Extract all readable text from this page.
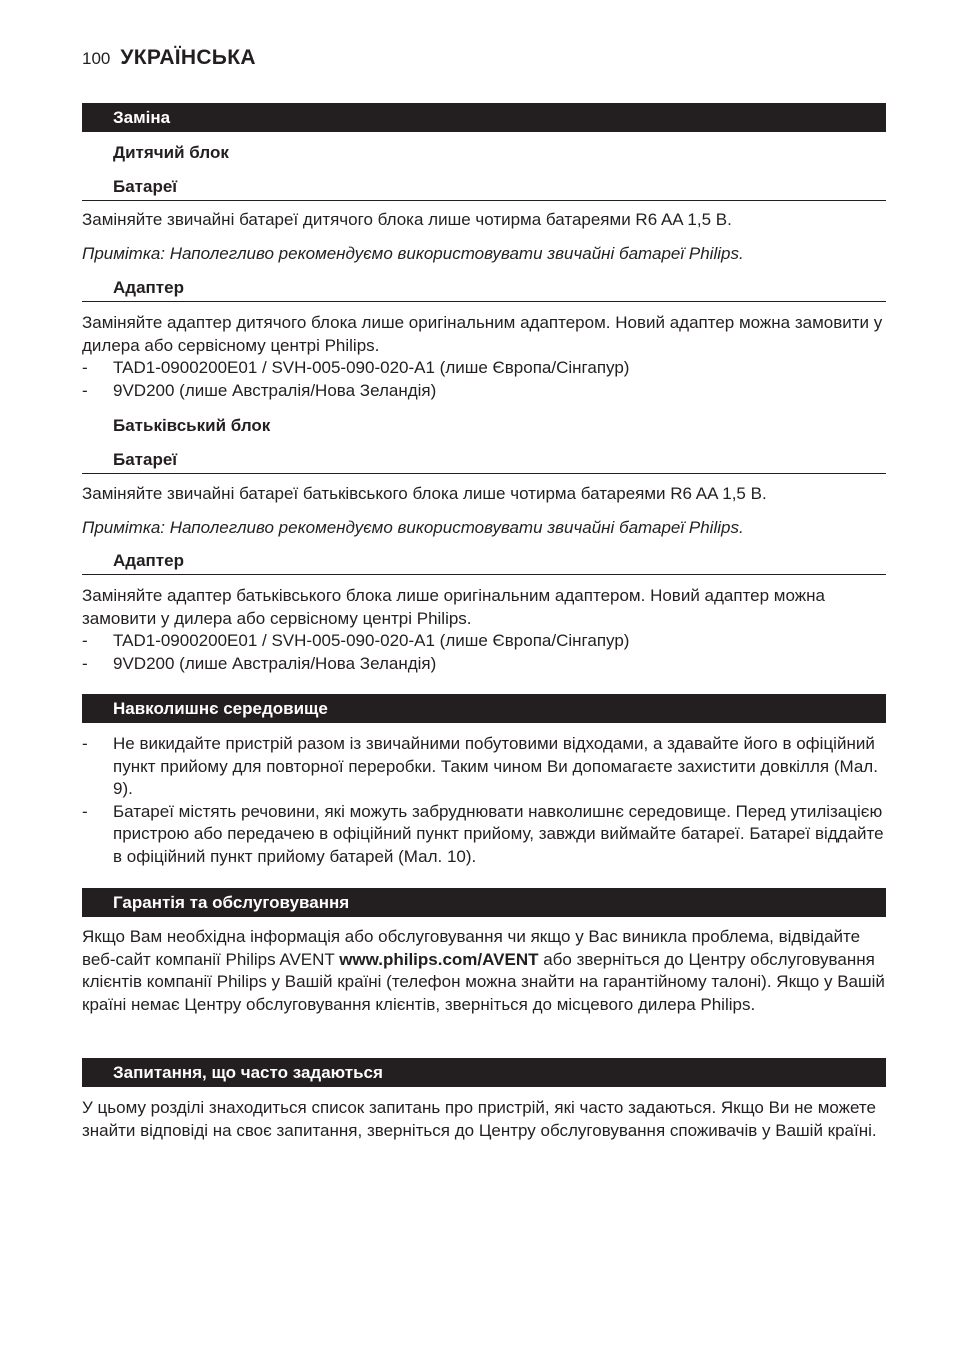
100 УКРАЇНСЬКА
Заміна
Дитячий блок
Батареї
Заміняйте звичайні батареї дитячого блока лише чотирма батареями R6 AA 1,5 В.
Примітка: Наполегливо рекомендуємо використовувати звичайні батареї Philips.
Адаптер
Заміняйте адаптер дитячого блока лише оригінальним адаптером. Новий адаптер можна замовити у дилера або сервісному центрі Philips.
- TAD1-0900200E01 / SVH-005-090-020-A1 (лише Європа/Сінгапур)
- 9VD200 (лише Австралія/Нова Зеландія)
Батьківський блок
Батареї
Заміняйте звичайні батареї батьківського блока лише чотирма батареями R6 AA 1,5 В.
Примітка: Наполегливо рекомендуємо використовувати звичайні батареї Philips.
Адаптер
Заміняйте адаптер батьківського блока лише оригінальним адаптером. Новий адаптер можна замовити у дилера або сервісному центрі Philips.
- TAD1-0900200E01 / SVH-005-090-020-A1 (лише Європа/Сінгапур)
- 9VD200 (лише Австралія/Нова Зеландія)
Навколишнє середовище
- Не викидайте пристрій разом із звичайними побутовими відходами, а здавайте його в офіційний пункт прийому для повторної переробки. Таким чином Ви допомагаєте захистити довкілля (Мал. 9).
- Батареї містять речовини, які можуть забруднювати навколишнє середовище. Перед утилізацією пристрою або передачею в офіційний пункт прийому, завжди виймайте батареї. Батареї віддайте в офіційний пункт прийому батарей (Мал. 10).
Гарантія та обслуговування
Якщо Вам необхідна інформація або обслуговування чи якщо у Вас виникла проблема, відвідайте веб-сайт компанії Philips AVENT www.philips.com/AVENT або зверніться до Центру обслуговування клієнтів компанії Philips у Вашій країні (телефон можна знайти на гарантійному талоні). Якщо у Вашій країні немає Центру обслуговування клієнтів, зверніться до місцевого дилера Philips.
Запитання, що часто задаються
У цьому розділі знаходиться список запитань про пристрій, які часто задаються. Якщо Ви не можете знайти відповіді на своє запитання, зверніться до Центру обслуговування споживачів у Вашій країні.
